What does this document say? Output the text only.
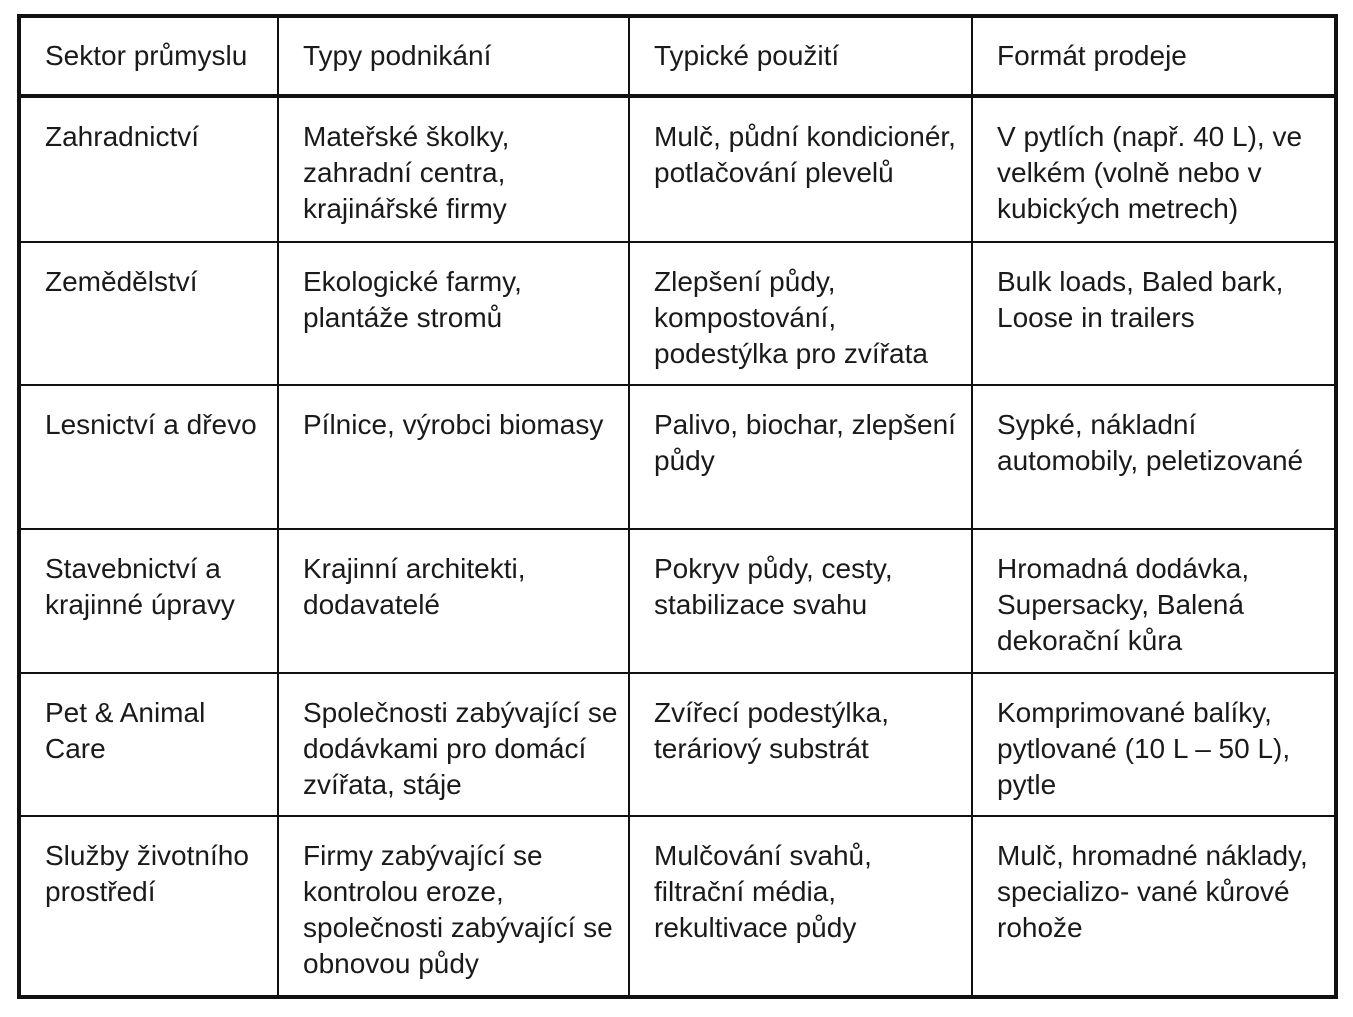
Sektor průmyslu	Typy podnikání	Typické použití	Formát prodeje
Zahradnictví	Mateřské školky, zahradní centra, krajinářské firmy	Mulč, půdní kondicionér, potlačování plevelů	V pytlích (např. 40 L), ve velkém (volně nebo v kubických metrech)
Zemědělství	Ekologické farmy, plantáže stromů	Zlepšení půdy, kompostování, podestýlka pro zvířata	Bulk loads, Baled bark, Loose in trailers
Lesnictví a dřevo	Pílnice, výrobci biomasy	Palivo, biochar, zlepšení půdy	Sypké, nákladní automobily, peletizované
Stavebnictví a krajinné úpravy	Krajinní architekti, dodavatelé	Pokryv půdy, cesty, stabilizace svahu	Hromadná dodávka, Supersacky, Balená dekorační kůra
Pet & Animal Care	Společnosti zabývající se dodávkami pro domácí zvířata, stáje	Zvířecí podestýlka, teráriový substrát	Komprimované balíky, pytlované (10 L – 50 L), pytle
Služby životního prostředí	Firmy zabývající se kontrolou eroze, společnosti zabývající se obnovou půdy	Mulčování svahů, filtrační média, rekultivace půdy	Mulč, hromadné náklady, specializo- vané kůrové rohože
